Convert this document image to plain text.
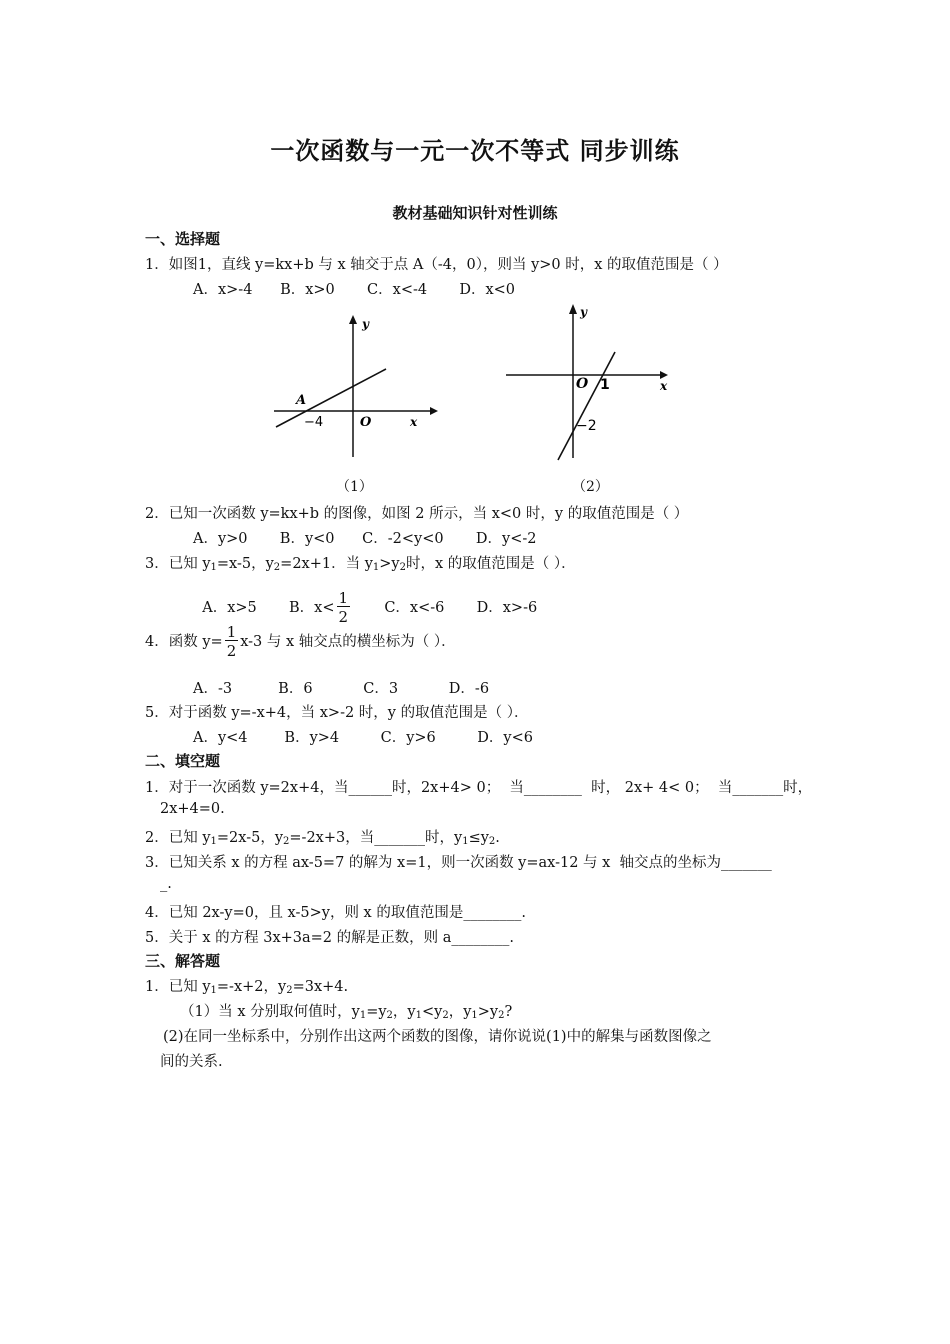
一次函数与一元一次不等式 同步训练
教材基础知识针对性训练
一、选择题
1．如图1，直线 y=kx+b 与 x 轴交于点 A（-4，0），则当 y>0 时，x 的取值范围是（ ）
A．x>-4      B．x>0       C．x<-4       D．x<0
y
x
A
−4	O
y
x
O 1
−2
（1）	（2）
2．已知一次函数 y=kx+b 的图像，如图 2 所示，当 x<0 时，y 的取值范围是（ ）
A．y>0       B．y<0      C．-2<y<0       D．y<-2
3．已知 $y_1=x-5$，$y_2=2x+1$．当 $y_1>y_2$时，x 的取值范围是（ ）．

A．x>5       B．$x< \frac{1}{2}$ C．x<-6       D．x>-6

4．函数 $y= \frac{1}{2} x-3$ 与 x 轴交点的横坐标为（ ）．
A．-3          B．6           C．3           D．-6
5．对于函数 y=-x+4，当 x>-2 时，y 的取值范围是（ ）．
A．y<4        B．y>4         C．y>6         D．y<6
二、填空题
1．对于一次函数 y=2x+4，当______时，2x+4> 0；  当________  时， 2x+ 4< 0；  当_______时，
2x+4=0.
2．已知 $y_1=2x-5$，$y_2=-2x+3$，当_______时，$y_1\le y_2$.
3．已知关系 x 的方程 ax-5=7 的解为 x=1，则一次函数 y=ax-12 与 x  轴交点的坐标为_______
_.
4．已知 2x-y=0，且 x-5>y，则 x 的取值范围是________.
5．关于 x 的方程 3x+3a=2 的解是正数，则 a________.
三、解答题
1．已知 $y_1=-x+2$，$y_2=3x+4$.
（1）当 x 分别取何值时，$y_1=y_2$，$y_1<y_2$，$y_1>y_2$?
(2)在同一坐标系中，分别作出这两个函数的图像，请你说说(1)中的解集与函数图像之
间的关系.
